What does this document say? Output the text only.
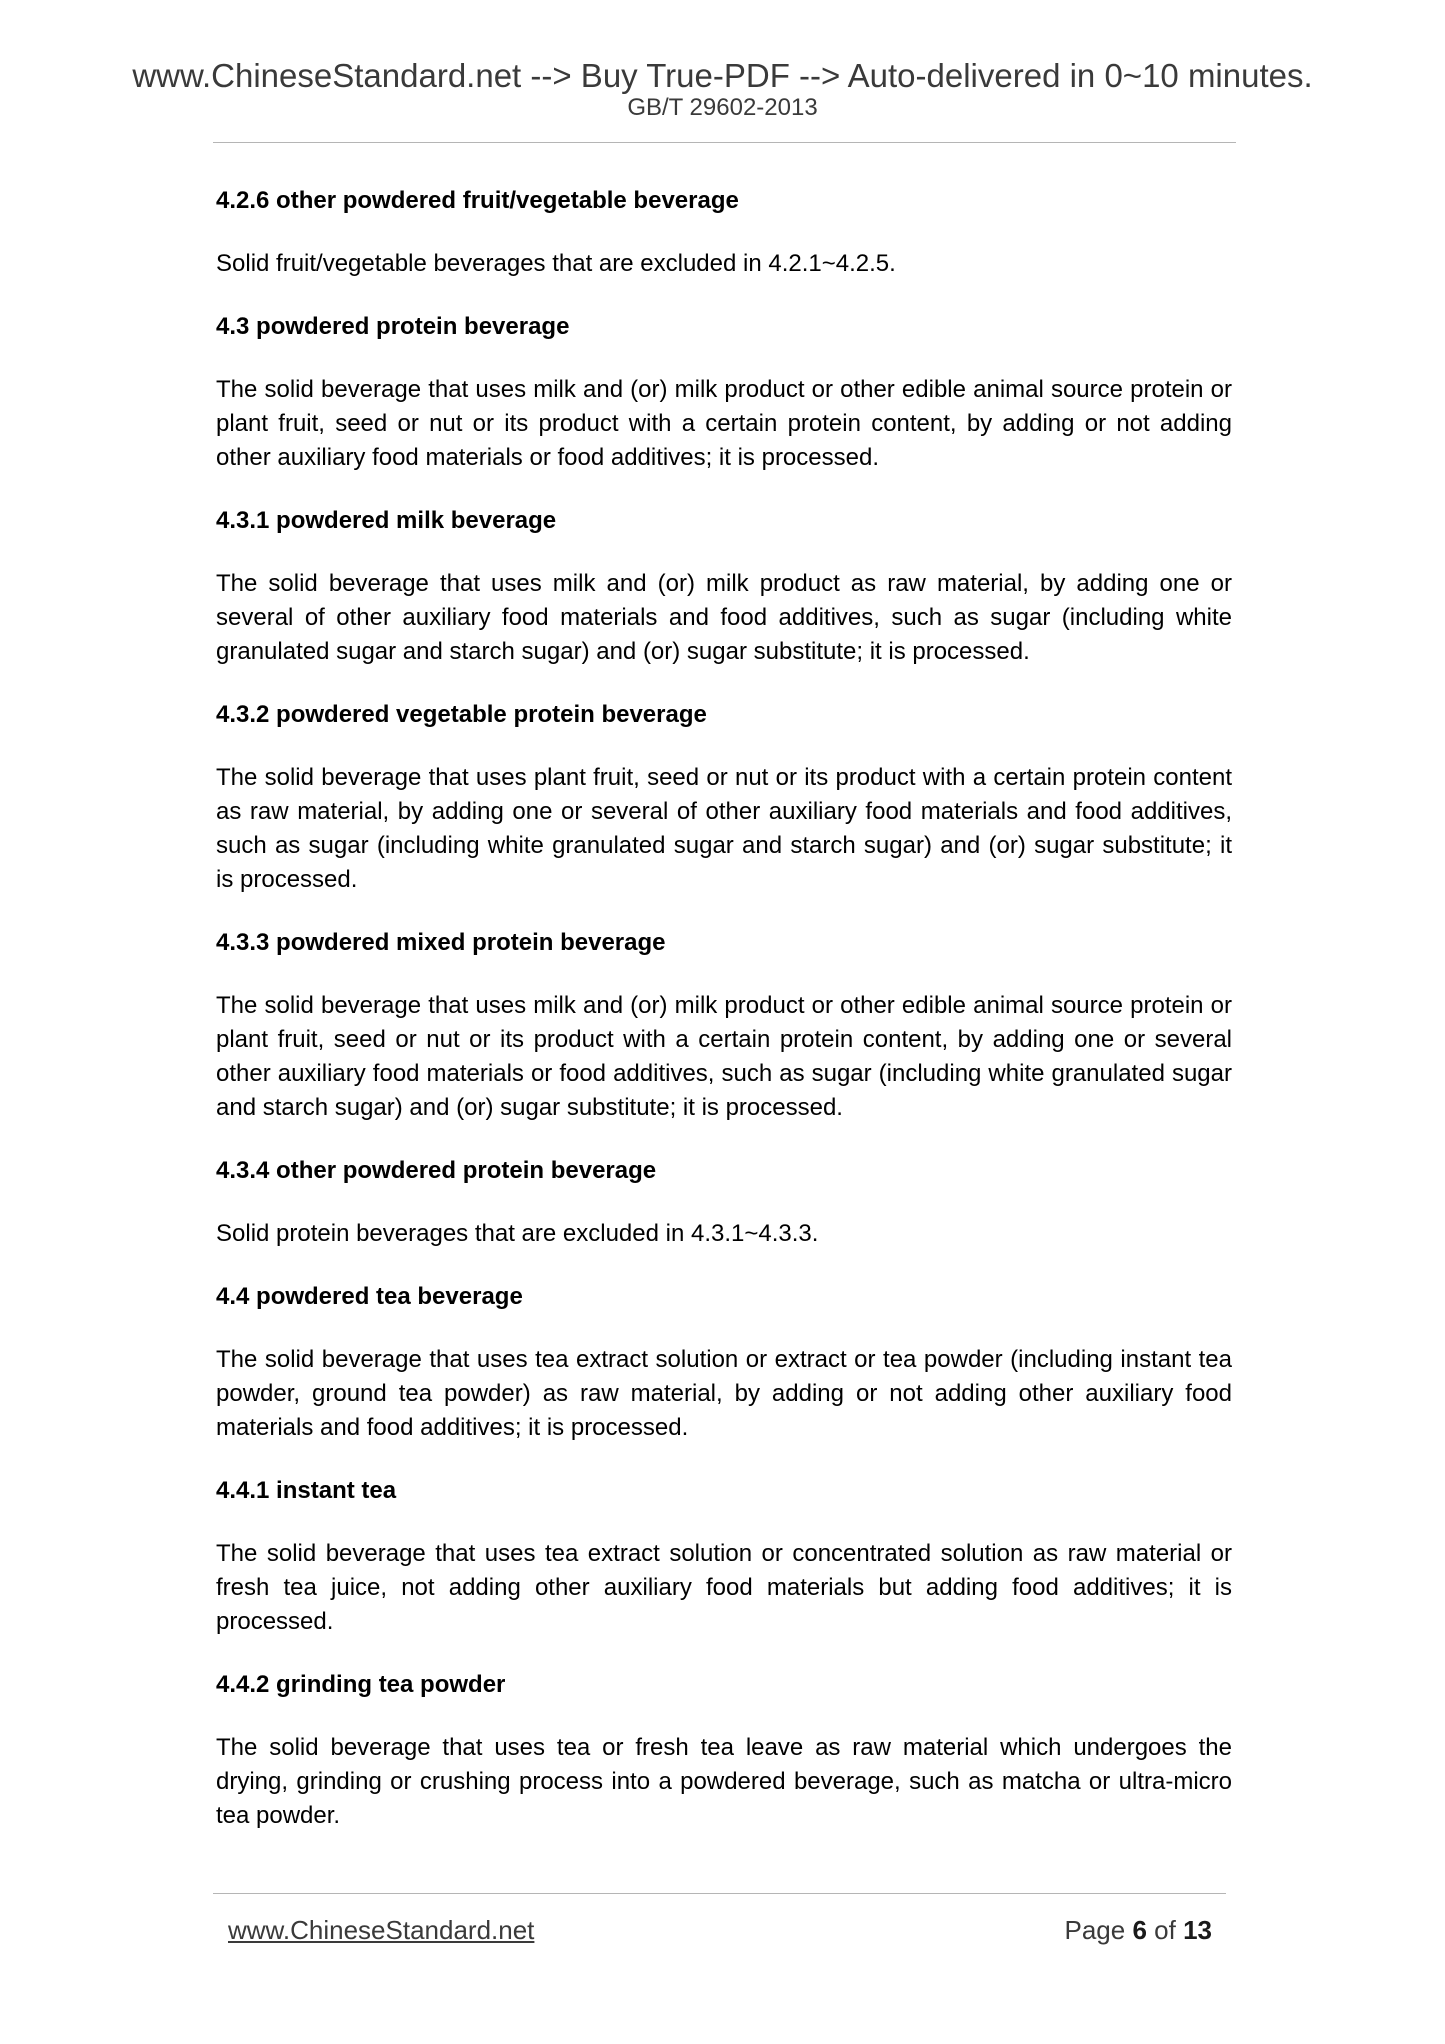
www.ChineseStandard.net --> Buy True-PDF --> Auto-delivered in 0~10 minutes.
GB/T 29602-2013

4.2.6 other powdered fruit/vegetable beverage

Solid fruit/vegetable beverages that are excluded in 4.2.1~4.2.5.

4.3 powdered protein beverage

The solid beverage that uses milk and (or) milk product or other edible animal source protein or plant fruit, seed or nut or its product with a certain protein content, by adding or not adding other auxiliary food materials or food additives; it is processed.

4.3.1 powdered milk beverage

The solid beverage that uses milk and (or) milk product as raw material, by adding one or several of other auxiliary food materials and food additives, such as sugar (including white granulated sugar and starch sugar) and (or) sugar substitute; it is processed.

4.3.2 powdered vegetable protein beverage

The solid beverage that uses plant fruit, seed or nut or its product with a certain protein content as raw material, by adding one or several of other auxiliary food materials and food additives, such as sugar (including white granulated sugar and starch sugar) and (or) sugar substitute; it is processed.

4.3.3 powdered mixed protein beverage

The solid beverage that uses milk and (or) milk product or other edible animal source protein or plant fruit, seed or nut or its product with a certain protein content, by adding one or several other auxiliary food materials or food additives, such as sugar (including white granulated sugar and starch sugar) and (or) sugar substitute; it is processed.

4.3.4 other powdered protein beverage

Solid protein beverages that are excluded in 4.3.1~4.3.3.

4.4 powdered tea beverage

The solid beverage that uses tea extract solution or extract or tea powder (including instant tea powder, ground tea powder) as raw material, by adding or not adding other auxiliary food materials and food additives; it is processed.

4.4.1 instant tea

The solid beverage that uses tea extract solution or concentrated solution as raw material or fresh tea juice, not adding other auxiliary food materials but adding food additives; it is processed.

4.4.2 grinding tea powder

The solid beverage that uses tea or fresh tea leave as raw material which undergoes the drying, grinding or crushing process into a powdered beverage, such as matcha or ultra-micro tea powder.

www.ChineseStandard.net	Page 6 of 13
